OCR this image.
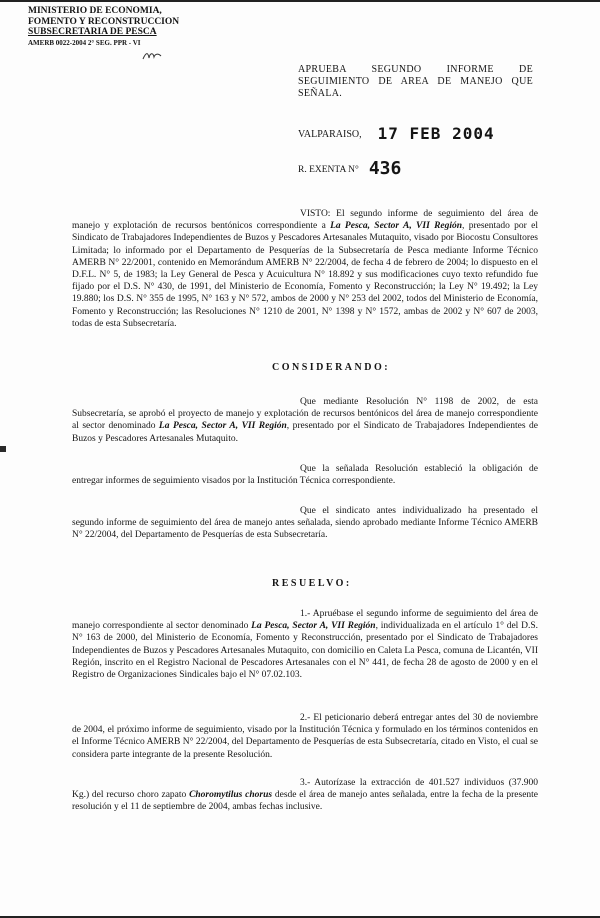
MINISTERIO DE ECONOMIA,
FOMENTO Y RECONSTRUCCION
SUBSECRETARIA DE PESCA
AMERB 0022-2004 2° SEG. PPR - VI
APRUEBA SEGUNDO INFORME DE SEGUIMIENTO DE AREA DE MANEJO QUE SEÑALA.
VALPARAISO, 17 FEB 2004
R. EXENTA N° 436
VISTO: El segundo informe de seguimiento del área de manejo y explotación de recursos bentónicos correspondiente a La Pesca, Sector A, VII Región, presentado por el Sindicato de Trabajadores Independientes de Buzos y Pescadores Artesanales Mutaquito, visado por Biocostu Consultores Limitada; lo informado por el Departamento de Pesquerías de la Subsecretaría de Pesca mediante Informe Técnico AMERB N° 22/2001, contenido en Memorándum AMERB N° 22/2004, de fecha 4 de febrero de 2004; lo dispuesto en el D.F.L. N° 5, de 1983; la Ley General de Pesca y Acuicultura N° 18.892 y sus modificaciones cuyo texto refundido fue fijado por el D.S. N° 430, de 1991, del Ministerio de Economía, Fomento y Reconstrucción; la Ley N° 19.492; la Ley 19.880; los D.S. N° 355 de 1995, N° 163 y N° 572, ambos de 2000 y N° 253 del 2002, todos del Ministerio de Economía, Fomento y Reconstrucción; las Resoluciones N° 1210 de 2001, N° 1398 y N° 1572, ambas de 2002 y N° 607 de 2003, todas de esta Subsecretaría.
CONSIDERANDO:
Que mediante Resolución N° 1198 de 2002, de esta Subsecretaría, se aprobó el proyecto de manejo y explotación de recursos bentónicos del área de manejo correspondiente al sector denominado La Pesca, Sector A, VII Región, presentado por el Sindicato de Trabajadores Independientes de Buzos y Pescadores Artesanales Mutaquito.
Que la señalada Resolución estableció la obligación de entregar informes de seguimiento visados por la Institución Técnica correspondiente.
Que el sindicato antes individualizado ha presentado el segundo informe de seguimiento del área de manejo antes señalada, siendo aprobado mediante Informe Técnico AMERB N° 22/2004, del Departamento de Pesquerías de esta Subsecretaría.
RESUELVO:
1.- Apruébase el segundo informe de seguimiento del área de manejo correspondiente al sector denominado La Pesca, Sector A, VII Región, individualizada en el artículo 1° del D.S. N° 163 de 2000, del Ministerio de Economía, Fomento y Reconstrucción, presentado por el Sindicato de Trabajadores Independientes de Buzos y Pescadores Artesanales Mutaquito, con domicilio en Caleta La Pesca, comuna de Licantén, VII Región, inscrito en el Registro Nacional de Pescadores Artesanales con el N° 441, de fecha 28 de agosto de 2000 y en el Registro de Organizaciones Sindicales bajo el N° 07.02.103.
2.- El peticionario deberá entregar antes del 30 de noviembre de 2004, el próximo informe de seguimiento, visado por la Institución Técnica y formulado en los términos contenidos en el Informe Técnico AMERB N° 22/2004, del Departamento de Pesquerías de esta Subsecretaría, citado en Visto, el cual se considera parte integrante de la presente Resolución.
3.- Autorízase la extracción de 401.527 individuos (37.900 Kg.) del recurso choro zapato Choromytilus chorus desde el área de manejo antes señalada, entre la fecha de la presente resolución y el 11 de septiembre de 2004, ambas fechas inclusive.
